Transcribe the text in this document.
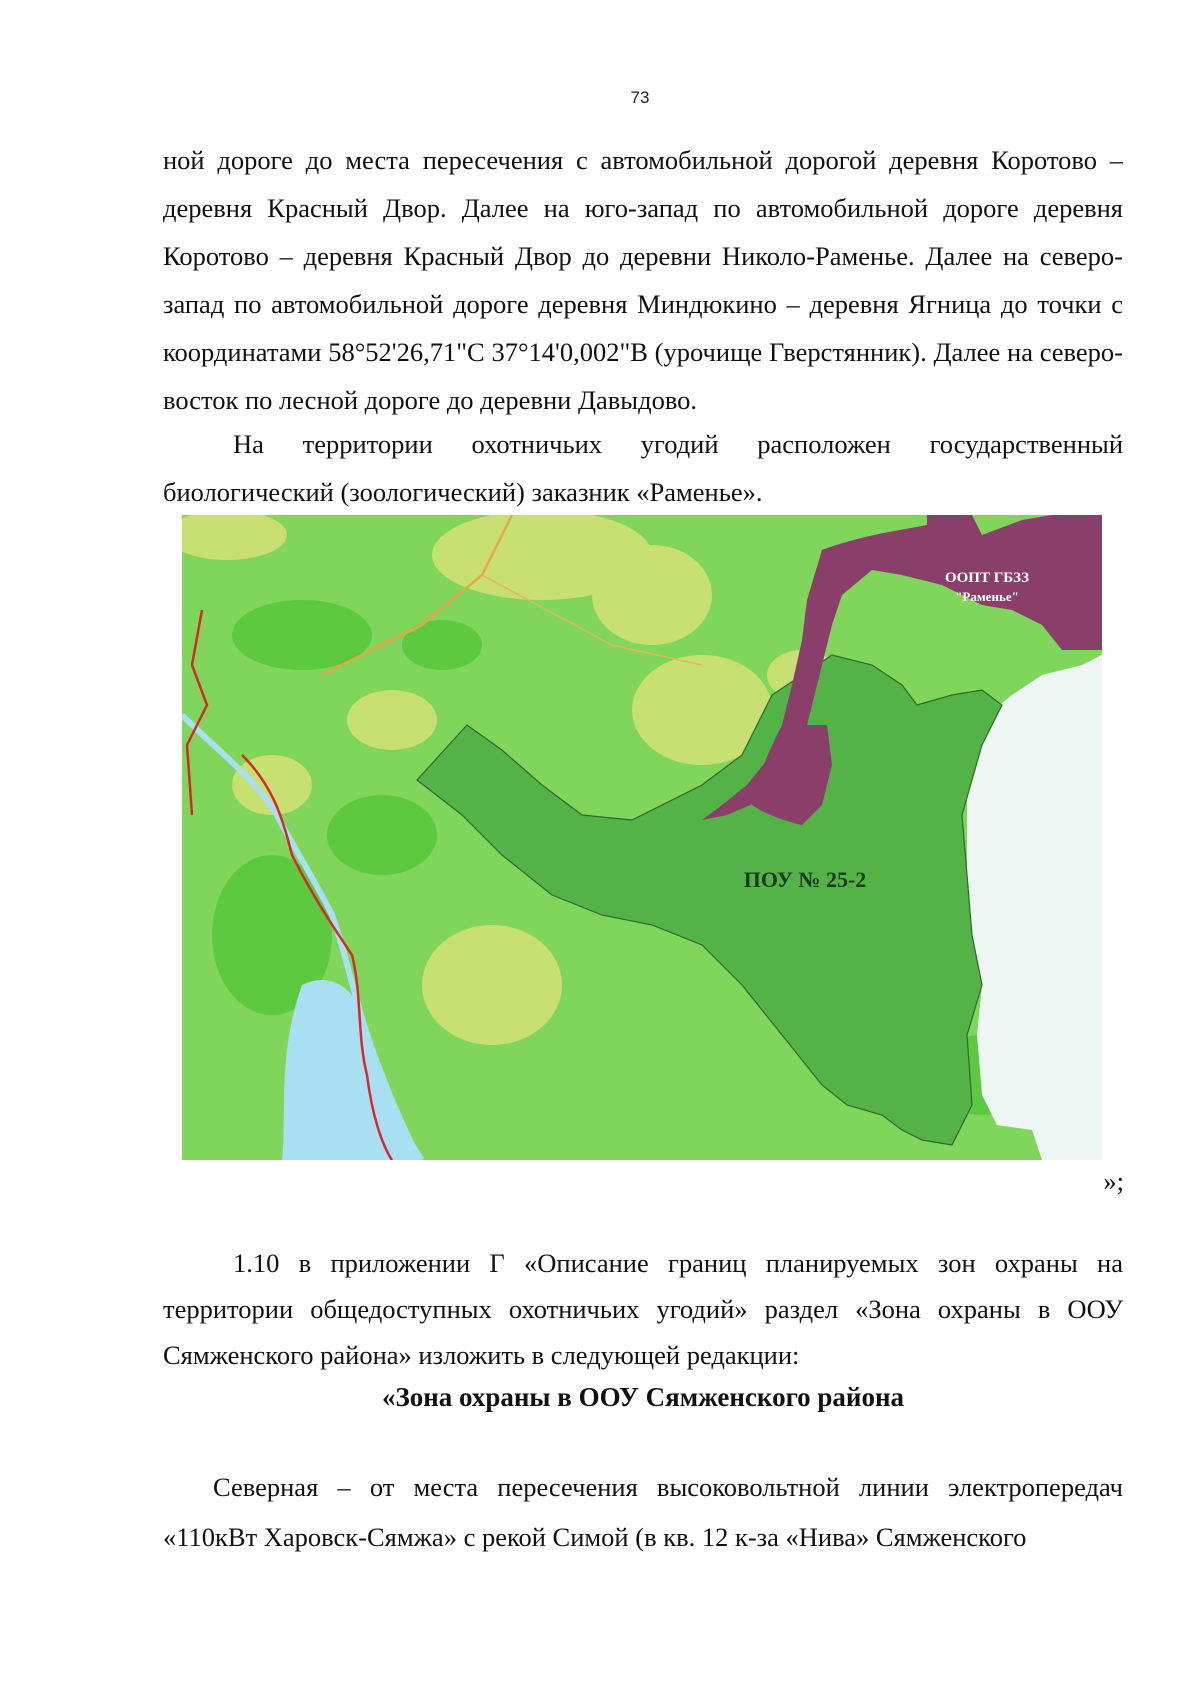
73
ной дороге до места пересечения с автомобильной дорогой деревня Коротово – деревня Красный Двор. Далее на юго-запад по автомобильной дороге деревня Коротово – деревня Красный Двор до деревни Николо-Раменье. Далее на северо-запад по автомобильной дороге деревня Миндюкино – деревня Ягница до точки с координатами 58°52'26,71"С 37°14'0,002"В (урочище Гверстянник). Далее на северо-восток по лесной дороге до деревни Давыдово.
На территории охотничьих угодий расположен государственный биологический (зоологический) заказник «Раменье».
ООПТ ГБЗЗ
"Раменье"
ПОУ № 25-2
»;
1.10 в приложении Г «Описание границ планируемых зон охраны на территории общедоступных охотничьих угодий» раздел «Зона охраны в ООУ Сямженского района» изложить в следующей редакции:
«Зона охраны в ООУ Сямженского района
Северная – от места пересечения высоковольтной линии электропередач «110кВт Харовск-Сямжа» с рекой Симой (в кв. 12 к-за «Нива» Сямженского
